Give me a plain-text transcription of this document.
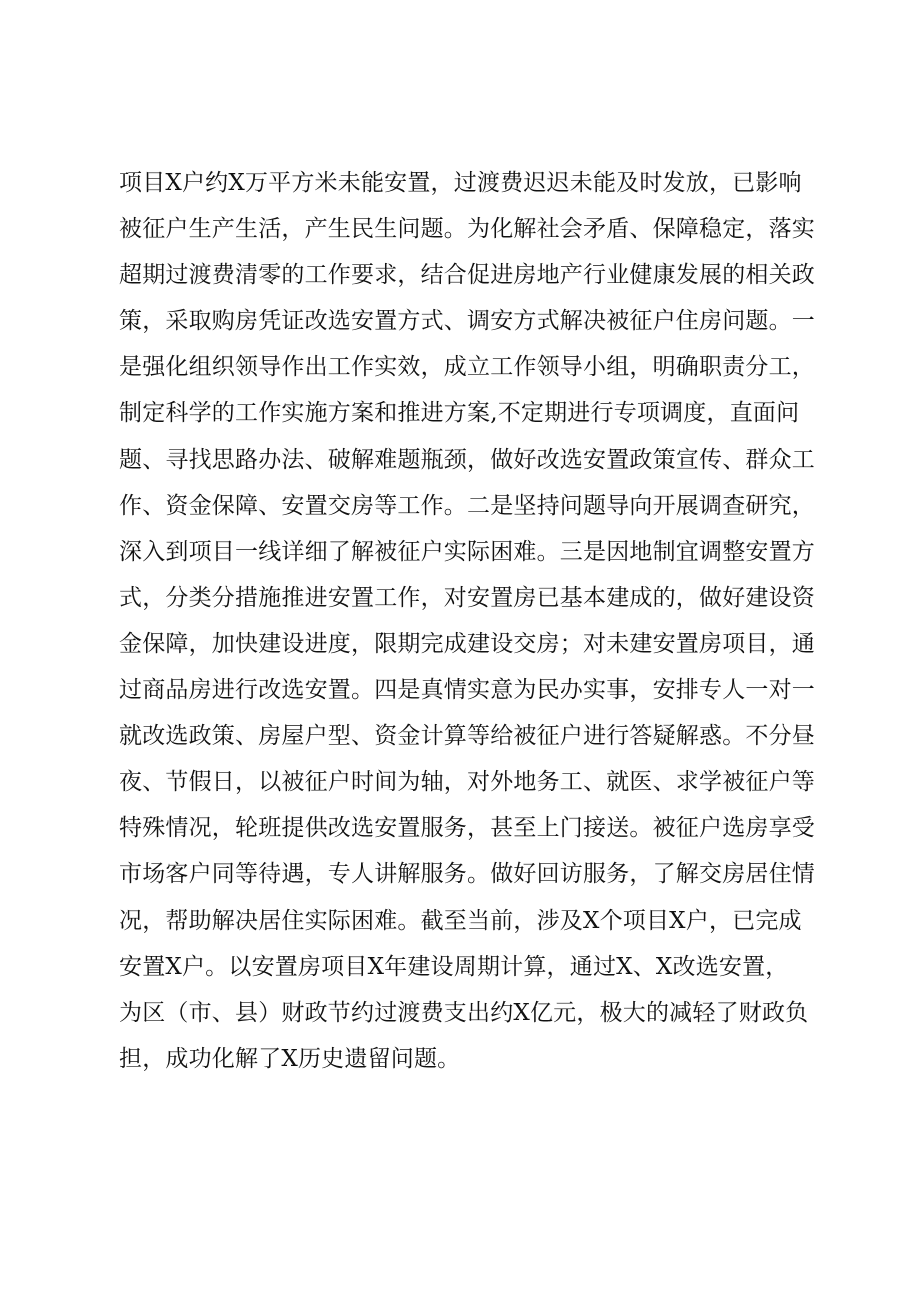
项目X户约X万平方米未能安置，过渡费迟迟未能及时发放，已影响
被征户生产生活，产生民生问题。为化解社会矛盾、保障稳定，落实
超期过渡费清零的工作要求，结合促进房地产行业健康发展的相关政
策，采取购房凭证改选安置方式、调安方式解决被征户住房问题。一
是强化组织领导作出工作实效，成立工作领导小组，明确职责分工，
制定科学的工作实施方案和推进方案,不定期进行专项调度，直面问
题、寻找思路办法、破解难题瓶颈，做好改选安置政策宣传、群众工
作、资金保障、安置交房等工作。二是坚持问题导向开展调查研究，
深入到项目一线详细了解被征户实际困难。三是因地制宜调整安置方
式，分类分措施推进安置工作，对安置房已基本建成的，做好建设资
金保障，加快建设进度，限期完成建设交房；对未建安置房项目，通
过商品房进行改选安置。四是真情实意为民办实事，安排专人一对一
就改选政策、房屋户型、资金计算等给被征户进行答疑解惑。不分昼
夜、节假日，以被征户时间为轴，对外地务工、就医、求学被征户等
特殊情况，轮班提供改选安置服务，甚至上门接送。被征户选房享受
市场客户同等待遇，专人讲解服务。做好回访服务，了解交房居住情
况，帮助解决居住实际困难。截至当前，涉及X个项目X户，已完成
安置X户。以安置房项目X年建设周期计算，通过X、X改选安置，
为区（市、县）财政节约过渡费支出约X亿元，极大的减轻了财政负
担，成功化解了X历史遗留问题。
